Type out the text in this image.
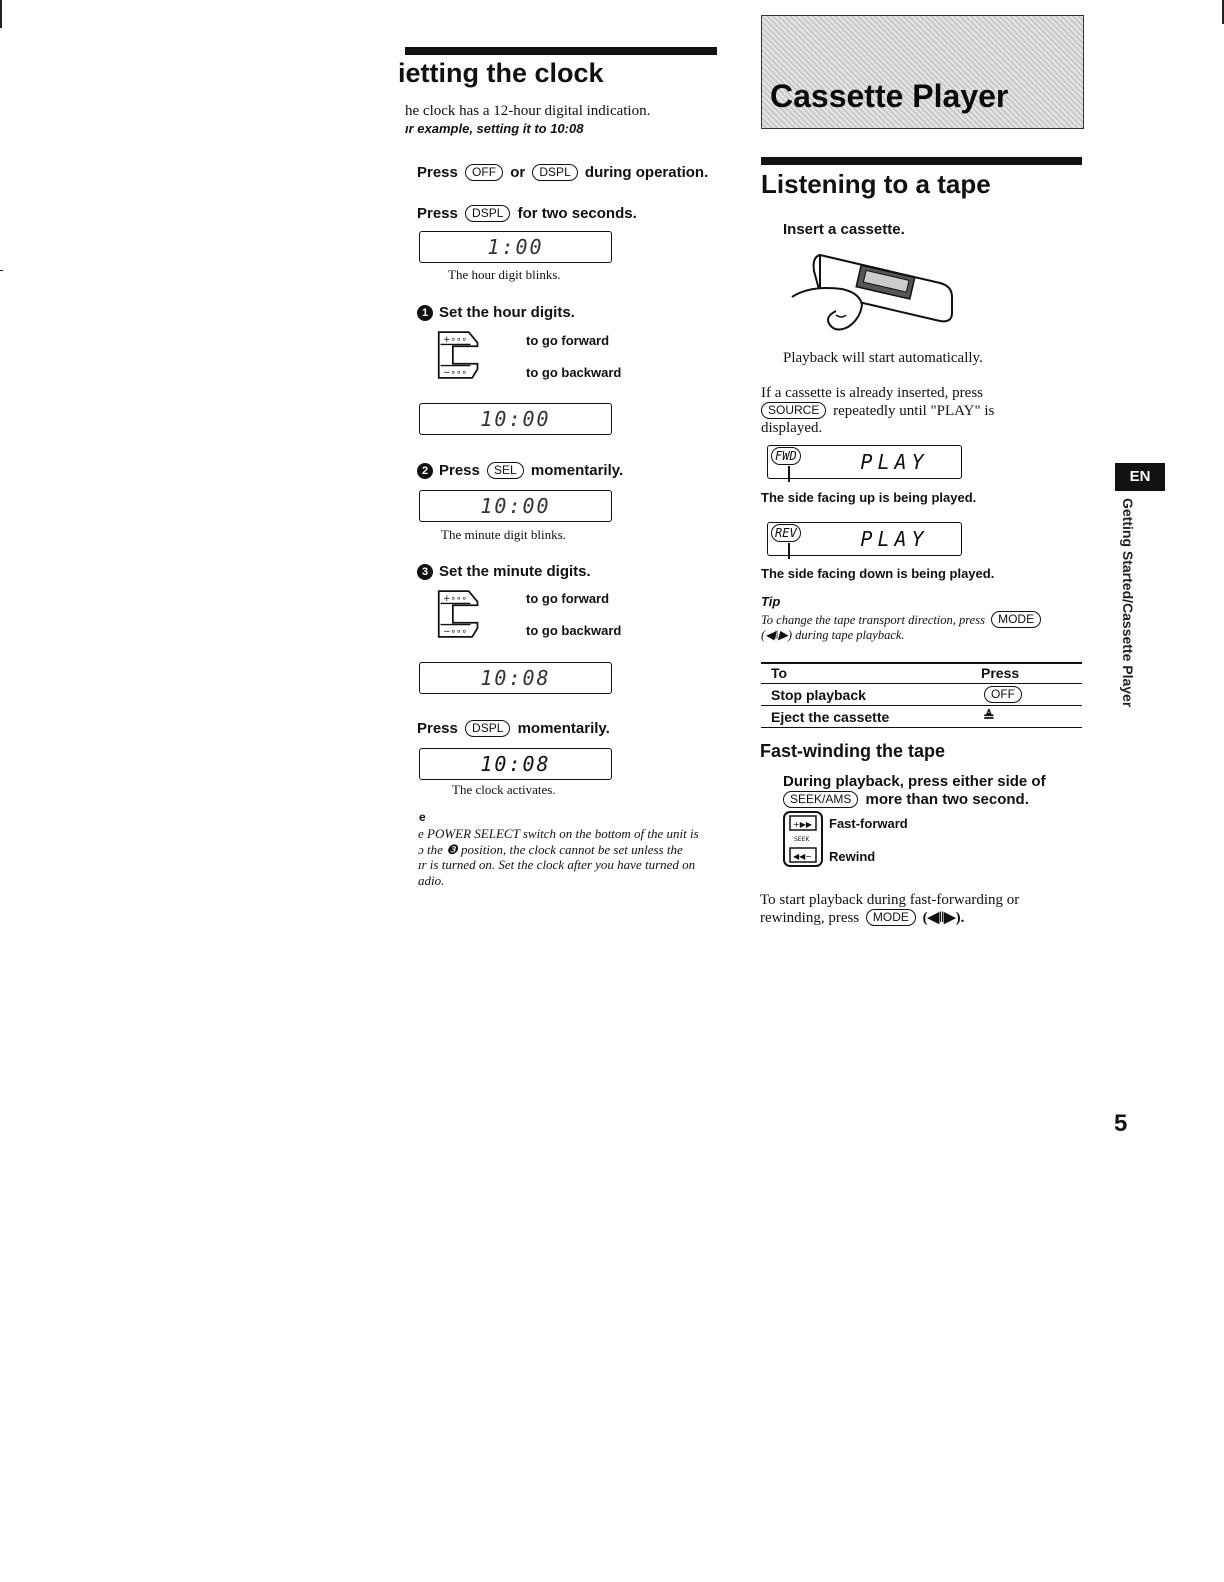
ietting the clock
he clock has a 12-hour digital indication.
ır example, setting it to 10:08
Press OFF or DSPL during operation.
Press DSPL for two seconds.
1:00
The hour digit blinks.
1 Set the hour digits.
+∘∘∘
−∘∘∘
to go forward
to go backward
10:00
2 Press SEL momentarily.
10:00
The minute digit blinks.
3 Set the minute digits.
+∘∘∘
−∘∘∘
to go forward
to go backward
10:08
Press DSPL momentarily.
10:08
The clock activates.
e
e POWER SELECT switch on the bottom of the unit is
ɔ the ❸ position, the clock cannot be set unless the
ɪr is turned on. Set the clock after you have turned on
adio.
Cassette Player
Listening to a tape
Insert a cassette.
Playback will start automatically.
If a cassette is already inserted, press
SOURCE repeatedly until "PLAY" is
displayed.
FWD	PLAY
The side facing up is being played.
REV	PLAY
The side facing down is being played.
Tip
To change the tape transport direction, press MODE
(◀‖▶) during tape playback.
To	Press
Stop playback	OFF
Eject the cassette	≜
Fast-winding the tape
During playback, press either side of
SEEK/AMS more than two second.
+▶▶
SEEK
◀◀−
Fast-forward
Rewind
To start playback during fast-forwarding or
rewinding, press MODE (◀‖▶).
EN
Getting Started/Cassette Player
5
